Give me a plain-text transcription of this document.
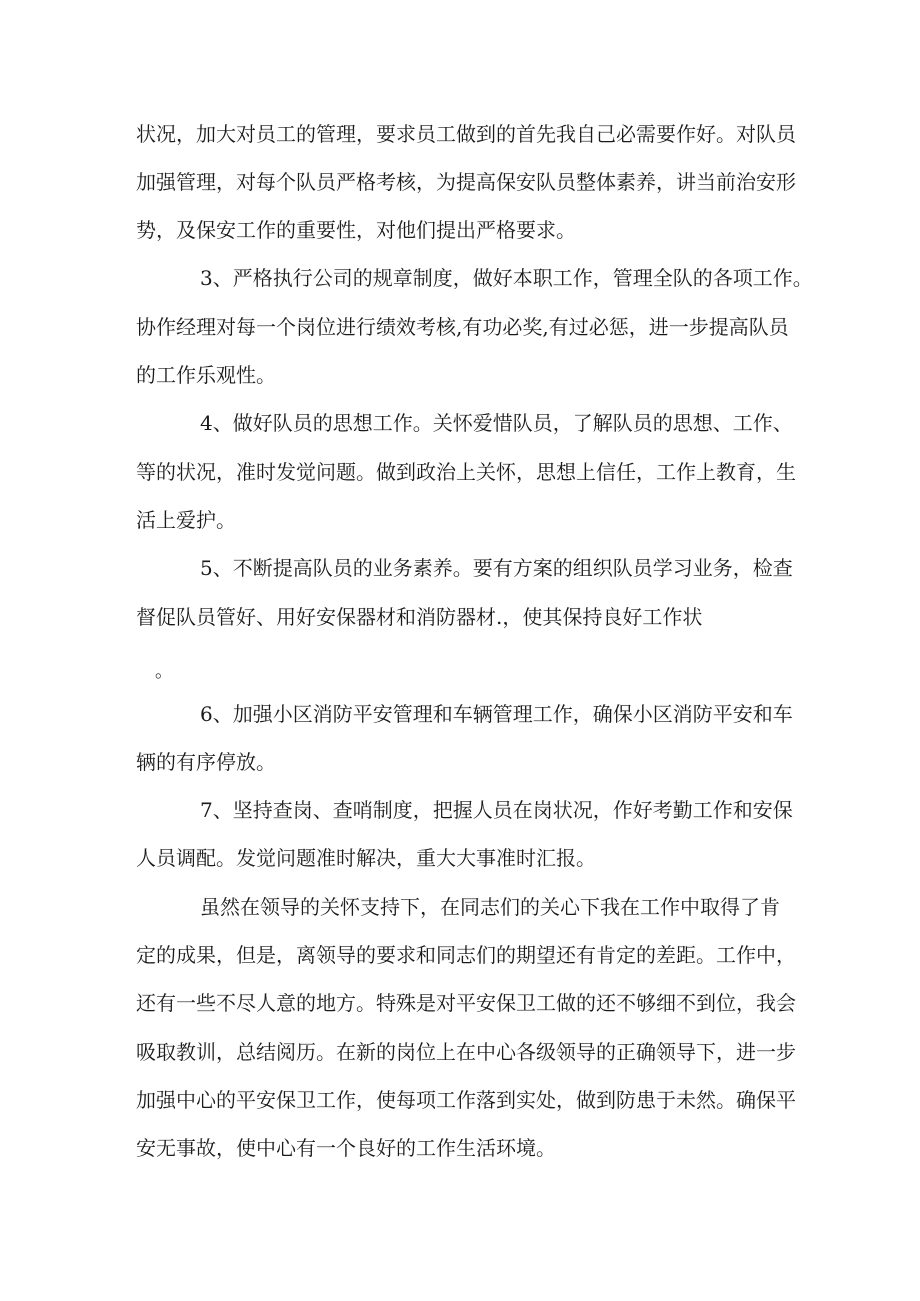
状况，加大对员工的管理，要求员工做到的首先我自己必需要作好。对队员

加强管理，对每个队员严格考核，为提高保安队员整体素养，讲当前治安形

势，及保安工作的重要性，对他们提出严格要求。

3、严格执行公司的规章制度，做好本职工作，管理全队的各项工作。

协作经理对每一个岗位进行绩效考核,有功必奖,有过必惩，进一步提高队员

的工作乐观性。

4、做好队员的思想工作。关怀爱惜队员，了解队员的思想、工作、

等的状况，准时发觉问题。做到政治上关怀，思想上信任，工作上教育，生

活上爱护。

5、不断提高队员的业务素养。要有方案的组织队员学习业务，检查

督促队员管好、用好安保器材和消防器材.，使其保持良好工作状

。

6、加强小区消防平安管理和车辆管理工作，确保小区消防平安和车

辆的有序停放。

7、坚持查岗、查哨制度，把握人员在岗状况，作好考勤工作和安保

人员调配。发觉问题准时解决，重大大事准时汇报。

虽然在领导的关怀支持下，在同志们的关心下我在工作中取得了肯

定的成果，但是，离领导的要求和同志们的期望还有肯定的差距。工作中，

还有一些不尽人意的地方。特殊是对平安保卫工做的还不够细不到位，我会

吸取教训，总结阅历。在新的岗位上在中心各级领导的正确领导下，进一步

加强中心的平安保卫工作，使每项工作落到实处，做到防患于未然。确保平

安无事故，使中心有一个良好的工作生活环境。
